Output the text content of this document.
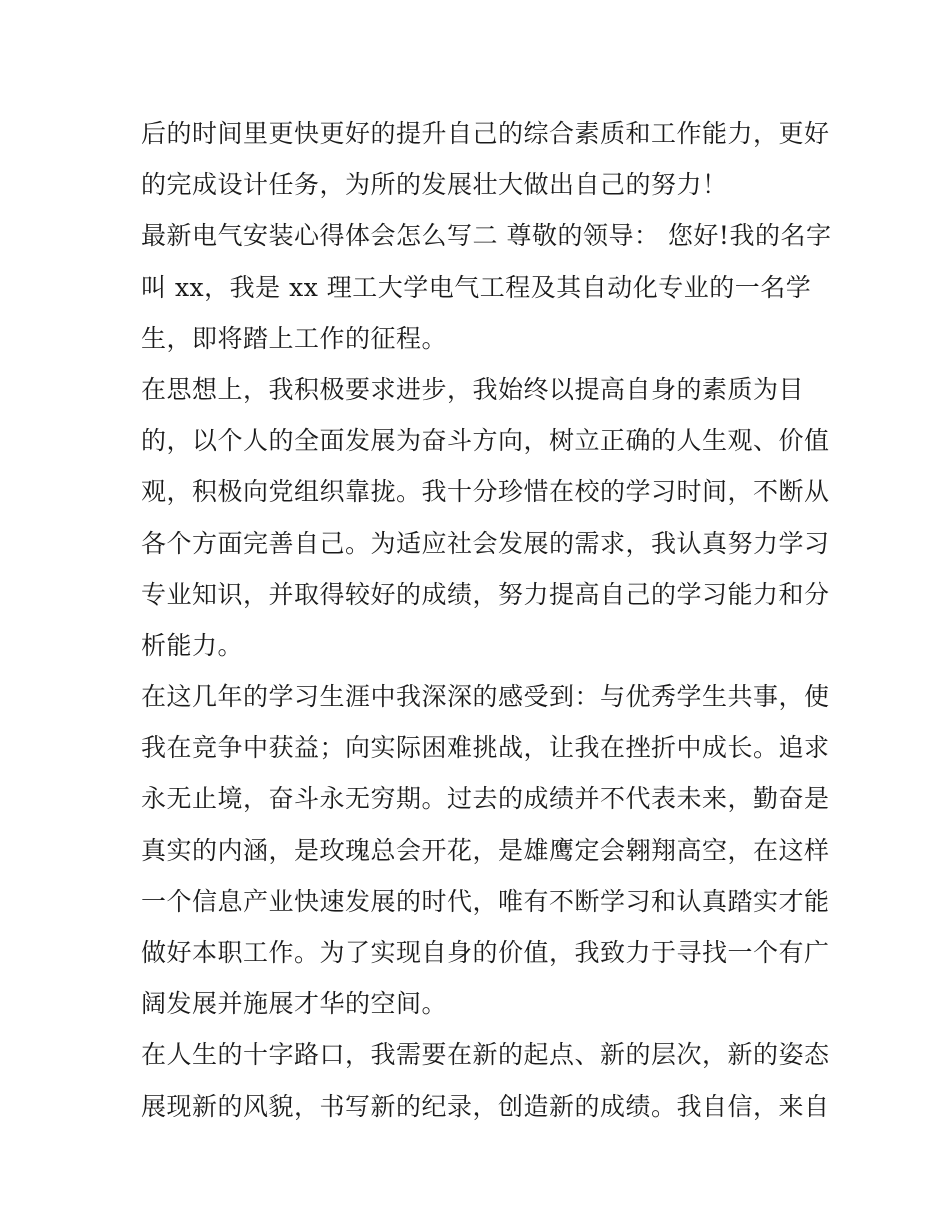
后的时间里更快更好的提升自己的综合素质和工作能力，更好
的完成设计任务，为所的发展壮大做出自己的努力！
最新电气安装心得体会怎么写二 尊敬的领导： 您好!我的名字
叫 xx，我是 xx 理工大学电气工程及其自动化专业的一名学
生，即将踏上工作的征程。
在思想上，我积极要求进步，我始终以提高自身的素质为目
的，以个人的全面发展为奋斗方向，树立正确的人生观、价值
观，积极向党组织靠拢。我十分珍惜在校的学习时间，不断从
各个方面完善自己。为适应社会发展的需求，我认真努力学习
专业知识，并取得较好的成绩，努力提高自己的学习能力和分
析能力。
在这几年的学习生涯中我深深的感受到：与优秀学生共事，使
我在竞争中获益；向实际困难挑战，让我在挫折中成长。追求
永无止境，奋斗永无穷期。过去的成绩并不代表未来，勤奋是
真实的内涵，是玫瑰总会开花，是雄鹰定会翱翔高空，在这样
一个信息产业快速发展的时代，唯有不断学习和认真踏实才能
做好本职工作。为了实现自身的价值，我致力于寻找一个有广
阔发展并施展才华的空间。
在人生的十字路口，我需要在新的起点、新的层次，新的姿态
展现新的风貌，书写新的纪录，创造新的成绩。我自信，来自
